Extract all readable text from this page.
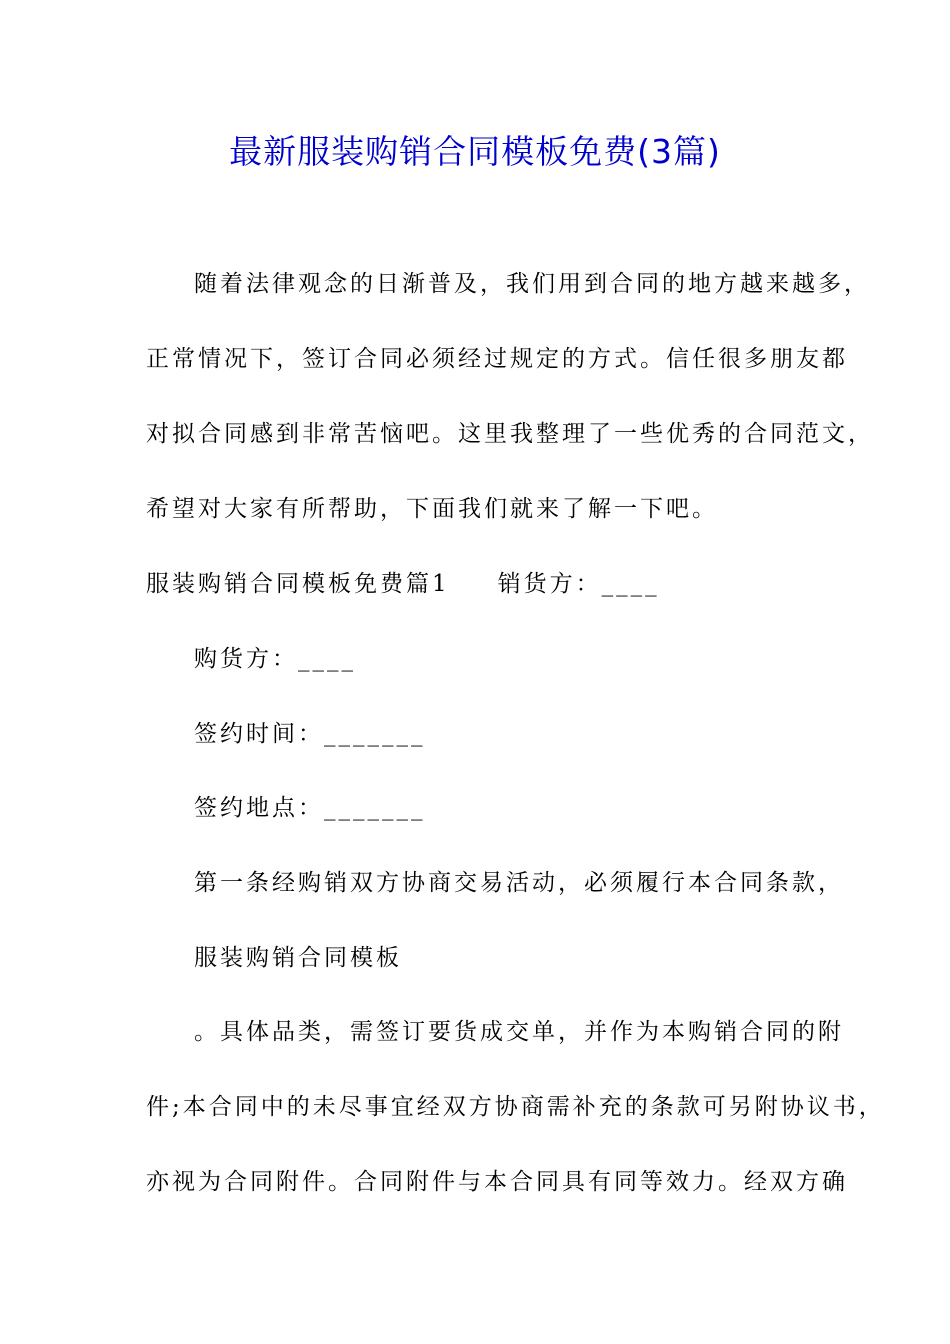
最新服装购销合同模板免费(3篇)
随着法律观念的日渐普及，我们用到合同的地方越来越多，
正常情况下，签订合同必须经过规定的方式。信任很多朋友都
对拟合同感到非常苦恼吧。这里我整理了一些优秀的合同范文，
希望对大家有所帮助，下面我们就来了解一下吧。
服装购销合同模板免费篇1 销货方：____
购货方：____
签约时间：_______
签约地点：_______
第一条经购销双方协商交易活动，必须履行本合同条款，
服装购销合同模板
。具体品类，需签订要货成交单，并作为本购销合同的附
件;本合同中的未尽事宜经双方协商需补充的条款可另附协议书，
亦视为合同附件。合同附件与本合同具有同等效力。经双方确
